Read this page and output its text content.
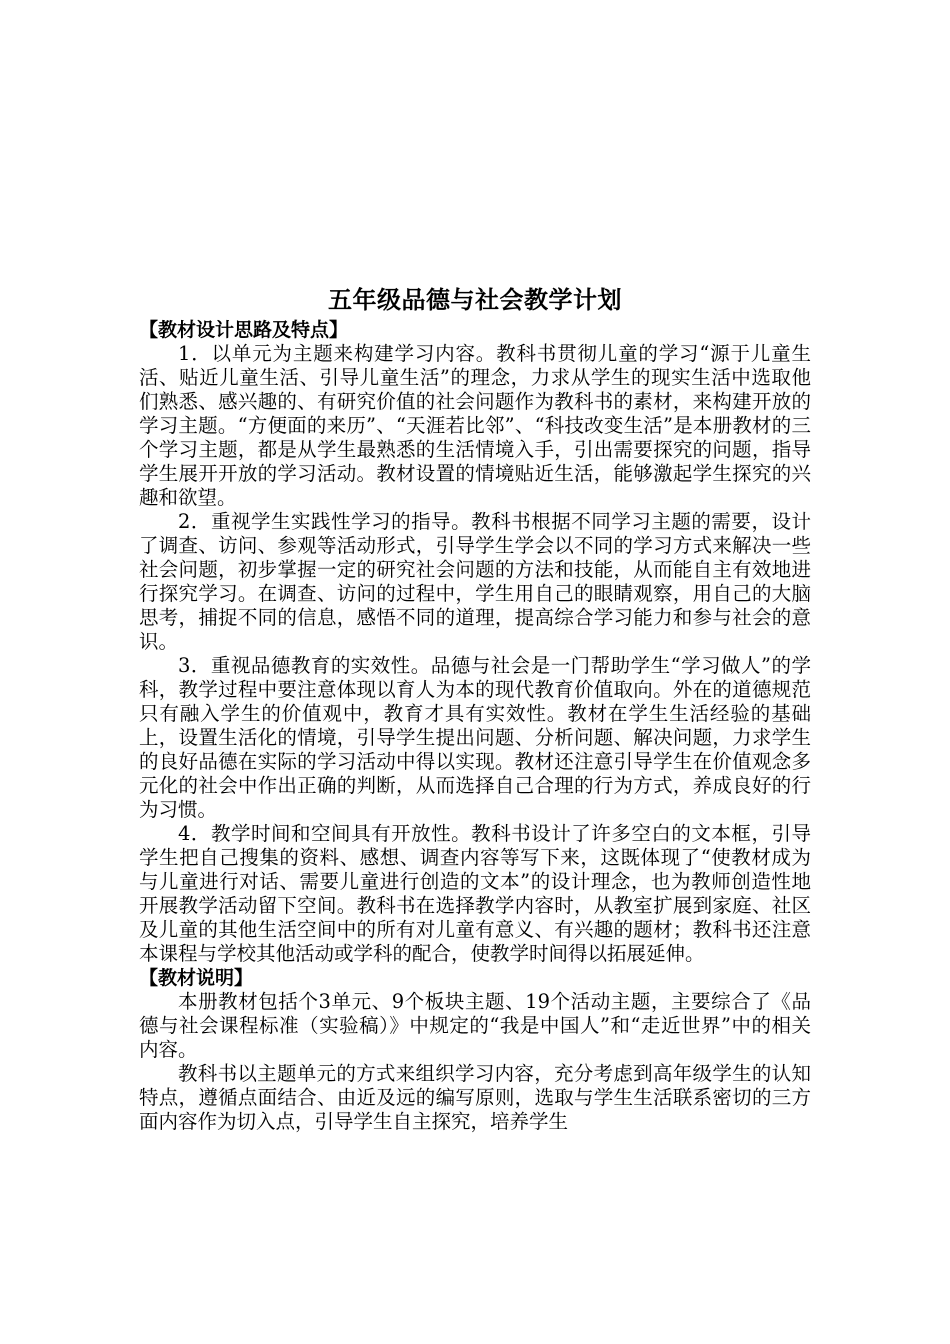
五年级品德与社会教学计划
【教材设计思路及特点】

1．以单元为主题来构建学习内容。教科书贯彻儿童的学习“源于儿童生活、贴近儿童生活、引导儿童生活”的理念，力求从学生的现实生活中选取他们熟悉、感兴趣的、有研究价值的社会问题作为教科书的素材，来构建开放的学习主题。“方便面的来历”、“天涯若比邻”、“科技改变生活”是本册教材的三个学习主题，都是从学生最熟悉的生活情境入手，引出需要探究的问题，指导学生展开开放的学习活动。教材设置的情境贴近生活，能够激起学生探究的兴趣和欲望。

2．重视学生实践性学习的指导。教科书根据不同学习主题的需要，设计了调查、访问、参观等活动形式，引导学生学会以不同的学习方式来解决一些社会问题，初步掌握一定的研究社会问题的方法和技能，从而能自主有效地进行探究学习。在调查、访问的过程中，学生用自己的眼睛观察，用自己的大脑思考，捕捉不同的信息，感悟不同的道理，提高综合学习能力和参与社会的意识。

3．重视品德教育的实效性。品德与社会是一门帮助学生“学习做人”的学科，教学过程中要注意体现以育人为本的现代教育价值取向。外在的道德规范只有融入学生的价值观中，教育才具有实效性。教材在学生生活经验的基础上，设置生活化的情境，引导学生提出问题、分析问题、解决问题，力求学生的良好品德在实际的学习活动中得以实现。教材还注意引导学生在价值观念多元化的社会中作出正确的判断，从而选择自己合理的行为方式，养成良好的行为习惯。

4．教学时间和空间具有开放性。教科书设计了许多空白的文本框，引导学生把自己搜集的资料、感想、调查内容等写下来，这既体现了“使教材成为与儿童进行对话、需要儿童进行创造的文本”的设计理念，也为教师创造性地开展教学活动留下空间。教科书在选择教学内容时，从教室扩展到家庭、社区及儿童的其他生活空间中的所有对儿童有意义、有兴趣的题材；教科书还注意本课程与学校其他活动或学科的配合，使教学时间得以拓展延伸。

【教材说明】

本册教材包括个3单元、9个板块主题、19个活动主题，主要综合了《品德与社会课程标准（实验稿）》中规定的“我是中国人”和“走近世界”中的相关内容。

教科书以主题单元的方式来组织学习内容，充分考虑到高年级学生的认知特点，遵循点面结合、由近及远的编写原则，选取与学生生活联系密切的三方面内容作为切入点，引导学生自主探究，培养学生
